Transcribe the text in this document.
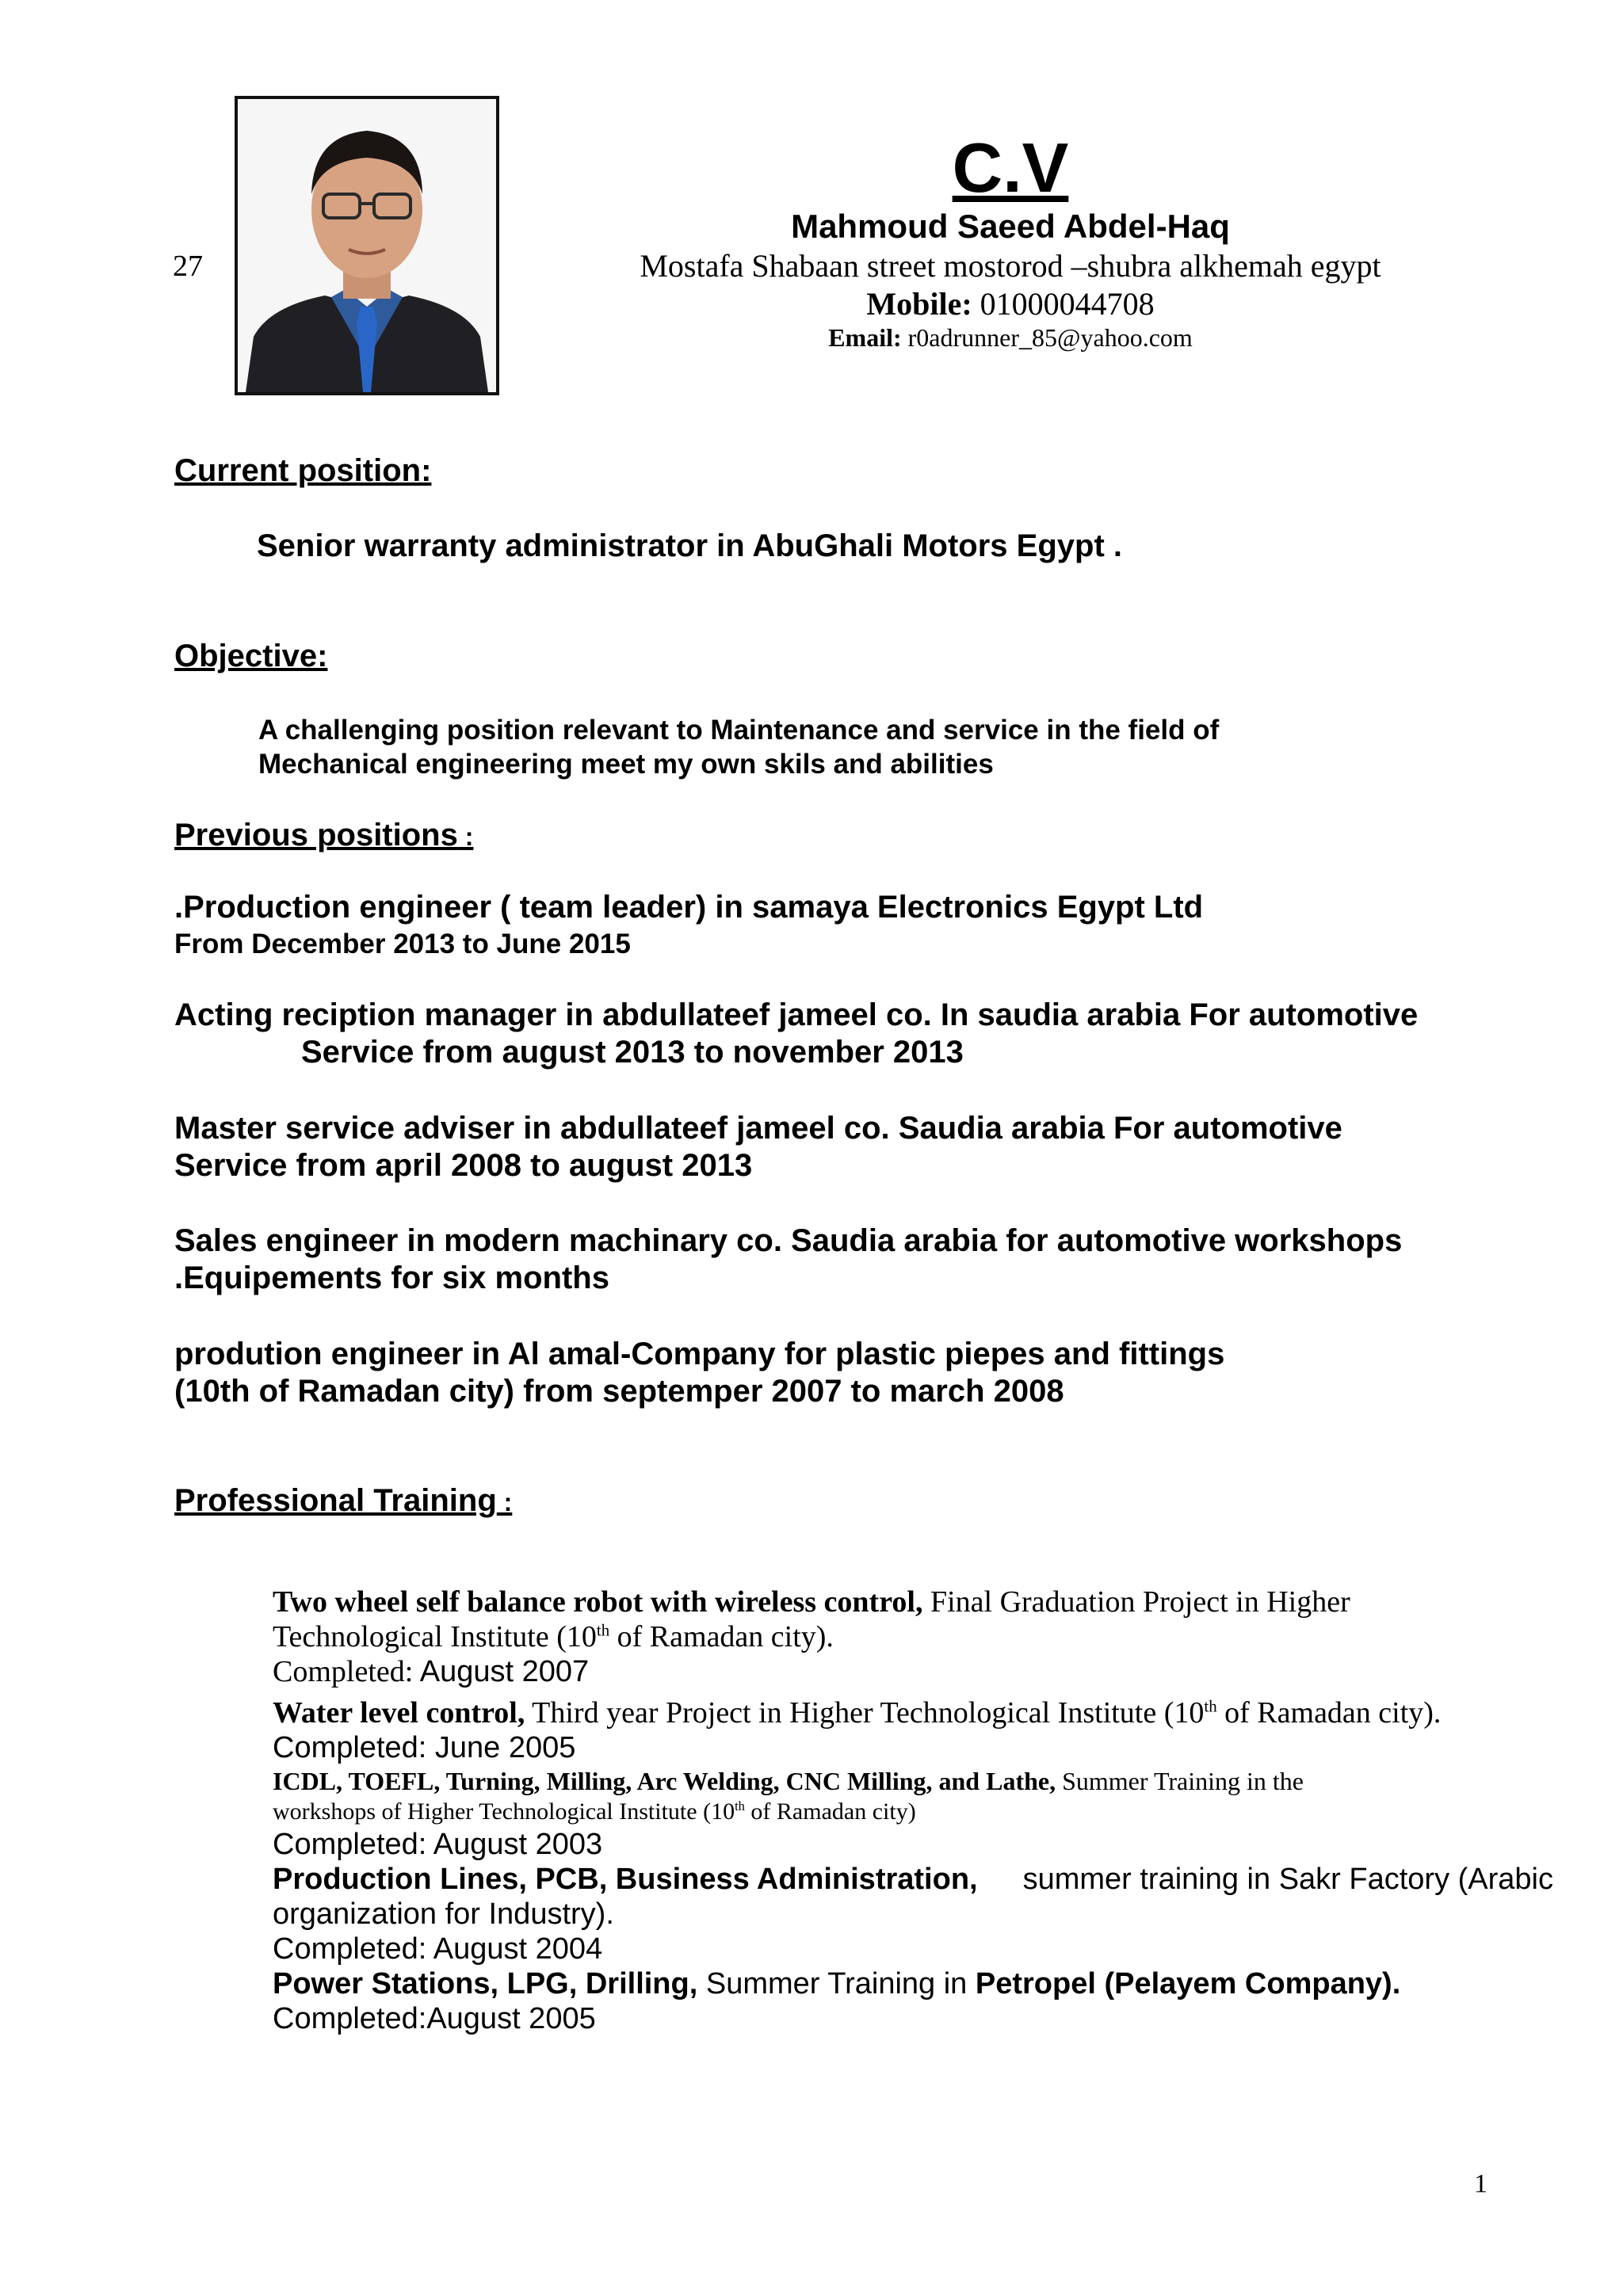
27
C.V
Mahmoud Saeed Abdel-Haq
Mostafa Shabaan street mostorod –shubra alkhemah egypt
Mobile: 01000044708
Email: r0adrunner_85@yahoo.com
Current position:
Senior warranty administrator in AbuGhali Motors Egypt .
Objective:
A challenging position relevant to Maintenance and service in the field of
Mechanical engineering meet my own skils and abilities
Previous positions :
.Production engineer ( team leader) in samaya Electronics Egypt Ltd
From December 2013 to June 2015
Acting reciption manager in abdullateef jameel co. In saudia arabia For automotive
Service from august 2013 to november 2013
Master service adviser in abdullateef jameel co. Saudia arabia For automotive
Service from april 2008 to august 2013
Sales engineer in modern machinary co. Saudia arabia for automotive workshops
.Equipements for six months
prodution engineer in Al amal-Company for plastic piepes and fittings
(10th of Ramadan city) from septemper 2007 to march 2008
Professional Training :
Two wheel self balance robot with wireless control, Final Graduation Project in Higher
Technological Institute (10th of Ramadan city).
Completed: August 2007
Water level control, Third year Project in Higher Technological Institute (10th of Ramadan city).
Completed: June 2005
ICDL, TOEFL, Turning, Milling, Arc Welding, CNC Milling, and Lathe, Summer Training in the
workshops of Higher Technological Institute (10th of Ramadan city)
Completed: August 2003
Production Lines, PCB, Business Administration, summer training in Sakr Factory (Arabic
organization for Industry).
Completed: August 2004
Power Stations, LPG, Drilling, Summer Training in Petropel (Pelayem Company).
Completed:August 2005
1
